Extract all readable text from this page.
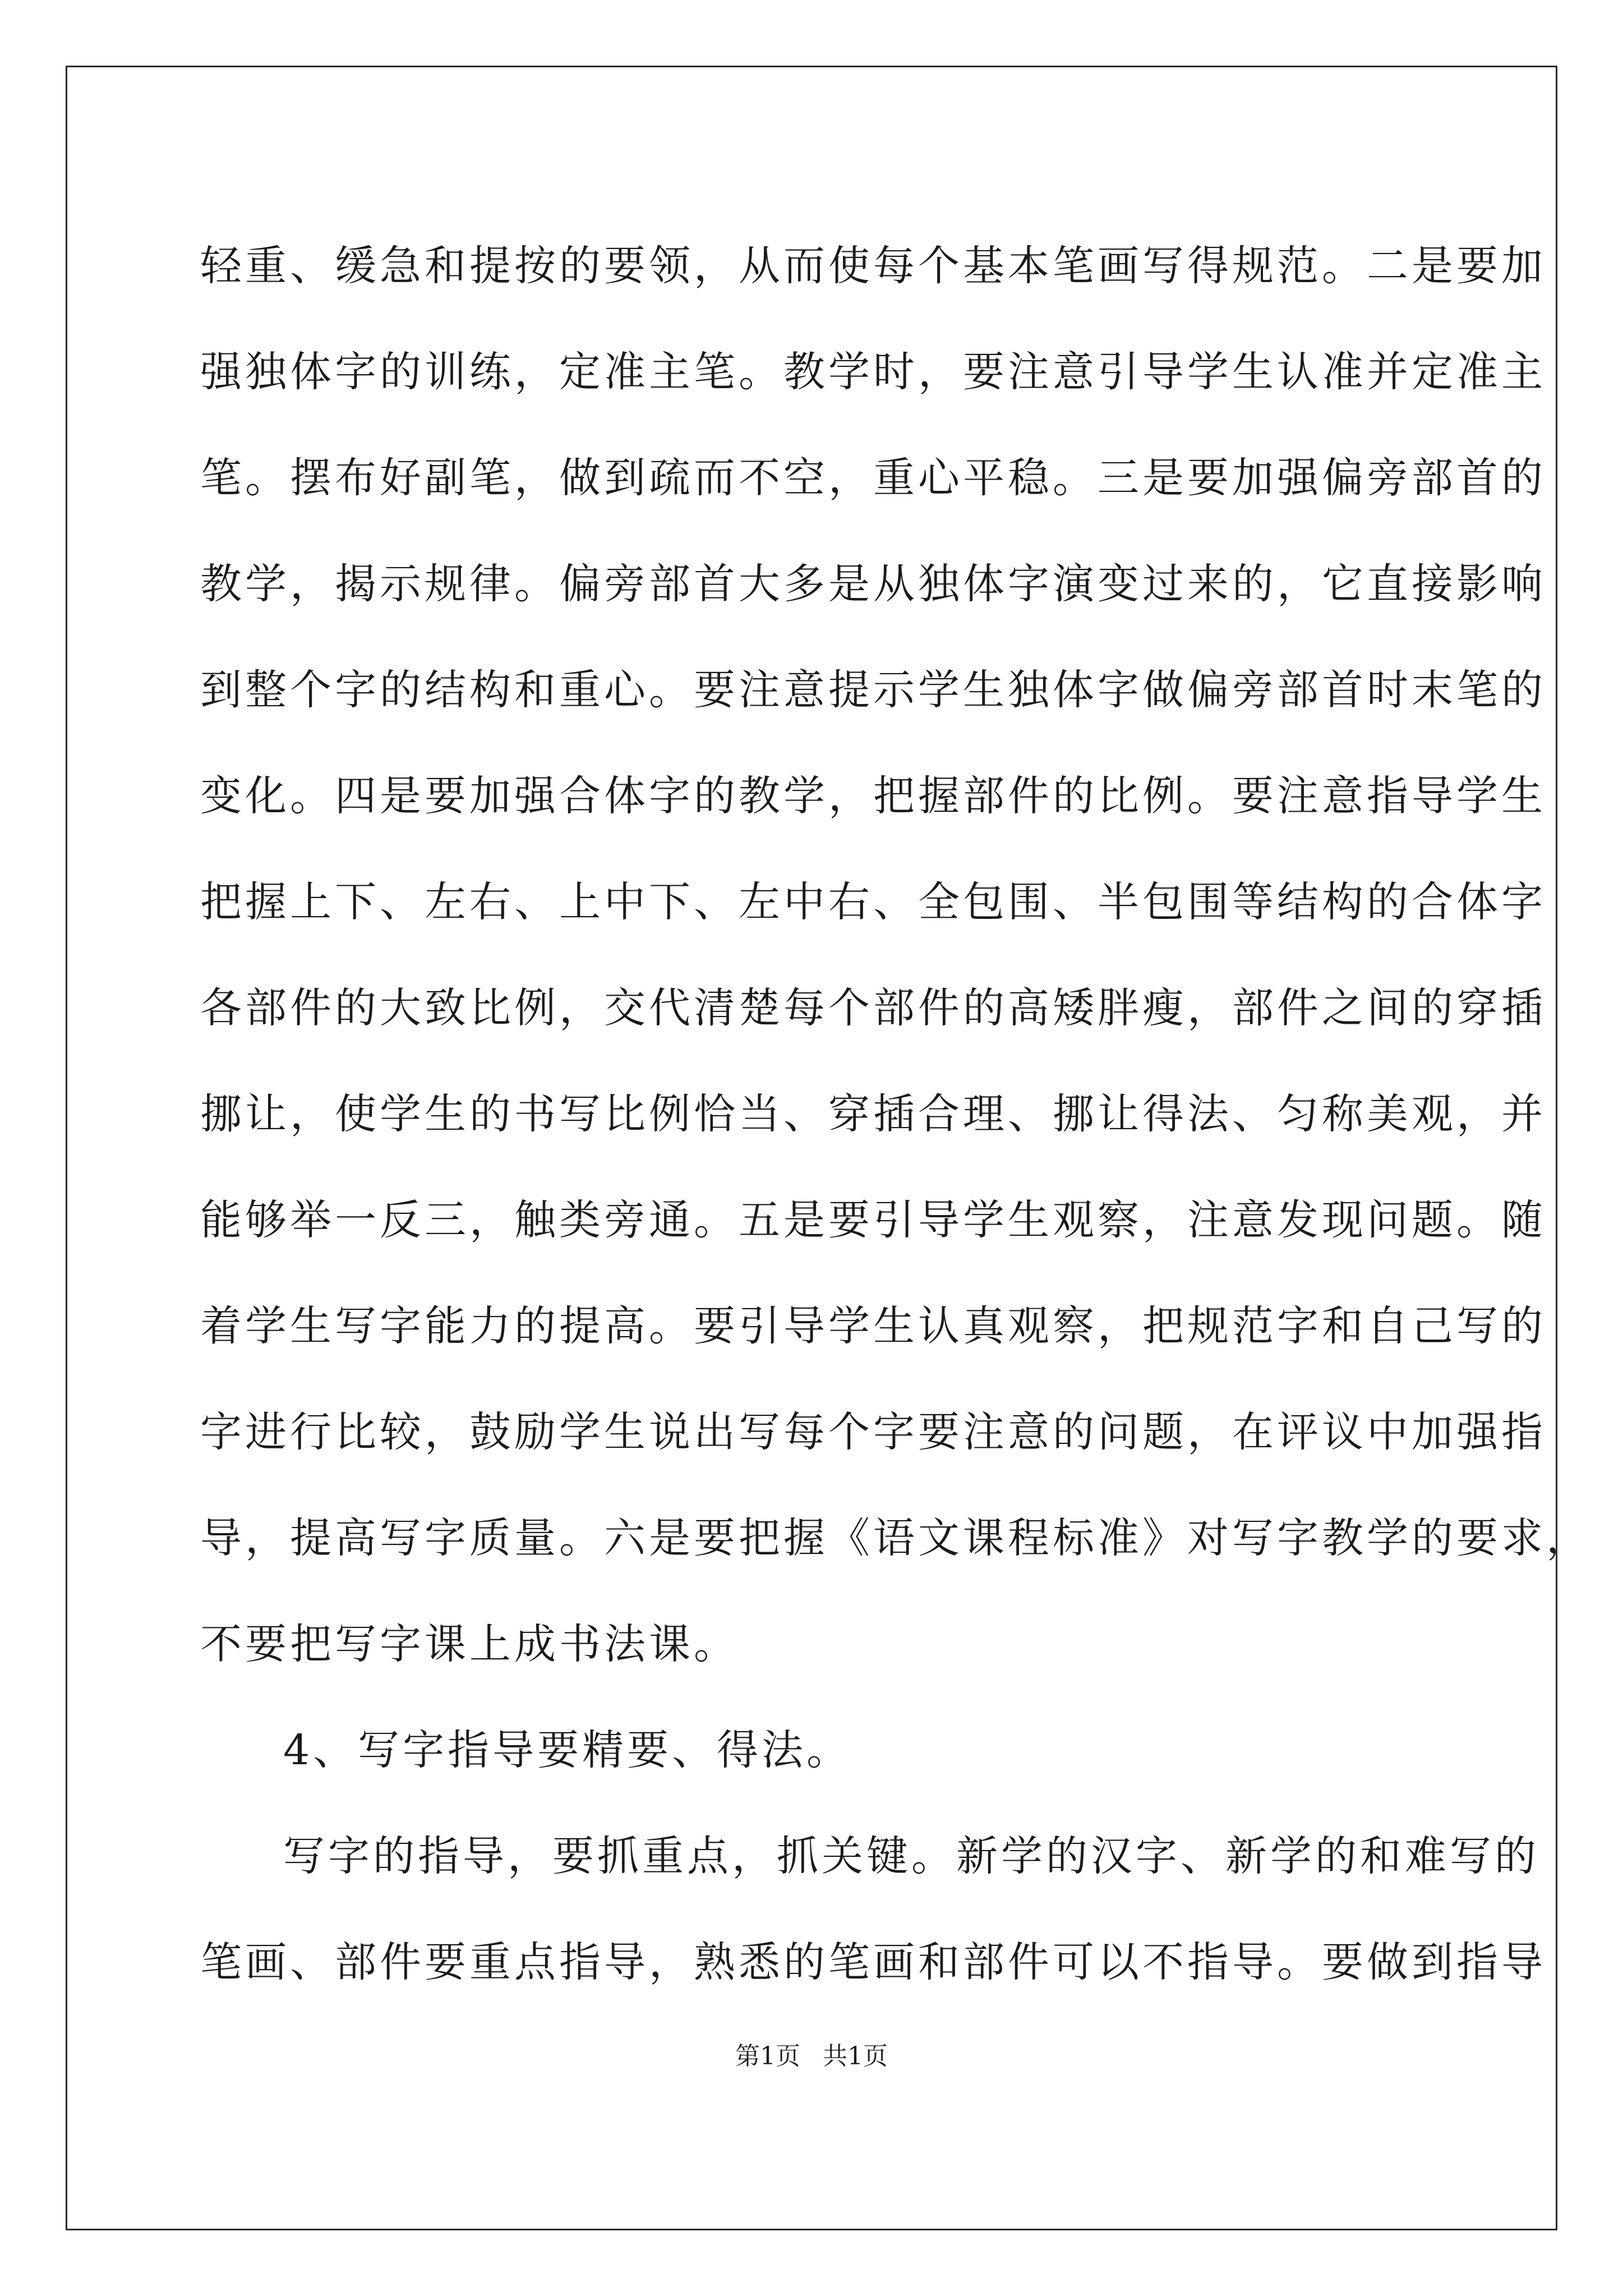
轻重、缓急和提按的要领，从而使每个基本笔画写得规范。二是要加
强独体字的训练，定准主笔。教学时，要注意引导学生认准并定准主
笔。摆布好副笔，做到疏而不空，重心平稳。三是要加强偏旁部首的
教学，揭示规律。偏旁部首大多是从独体字演变过来的，它直接影响
到整个字的结构和重心。要注意提示学生独体字做偏旁部首时末笔的
变化。四是要加强合体字的教学，把握部件的比例。要注意指导学生
把握上下、左右、上中下、左中右、全包围、半包围等结构的合体字
各部件的大致比例，交代清楚每个部件的高矮胖瘦，部件之间的穿插
挪让，使学生的书写比例恰当、穿插合理、挪让得法、匀称美观，并
能够举一反三，触类旁通。五是要引导学生观察，注意发现问题。随
着学生写字能力的提高。要引导学生认真观察，把规范字和自己写的
字进行比较，鼓励学生说出写每个字要注意的问题，在评议中加强指
导，提高写字质量。六是要把握《语文课程标准》对写字教学的要求，
不要把写字课上成书法课。
4、写字指导要精要、得法。
写字的指导，要抓重点，抓关键。新学的汉字、新学的和难写的
笔画、部件要重点指导，熟悉的笔画和部件可以不指导。要做到指导
第1页 共1页
